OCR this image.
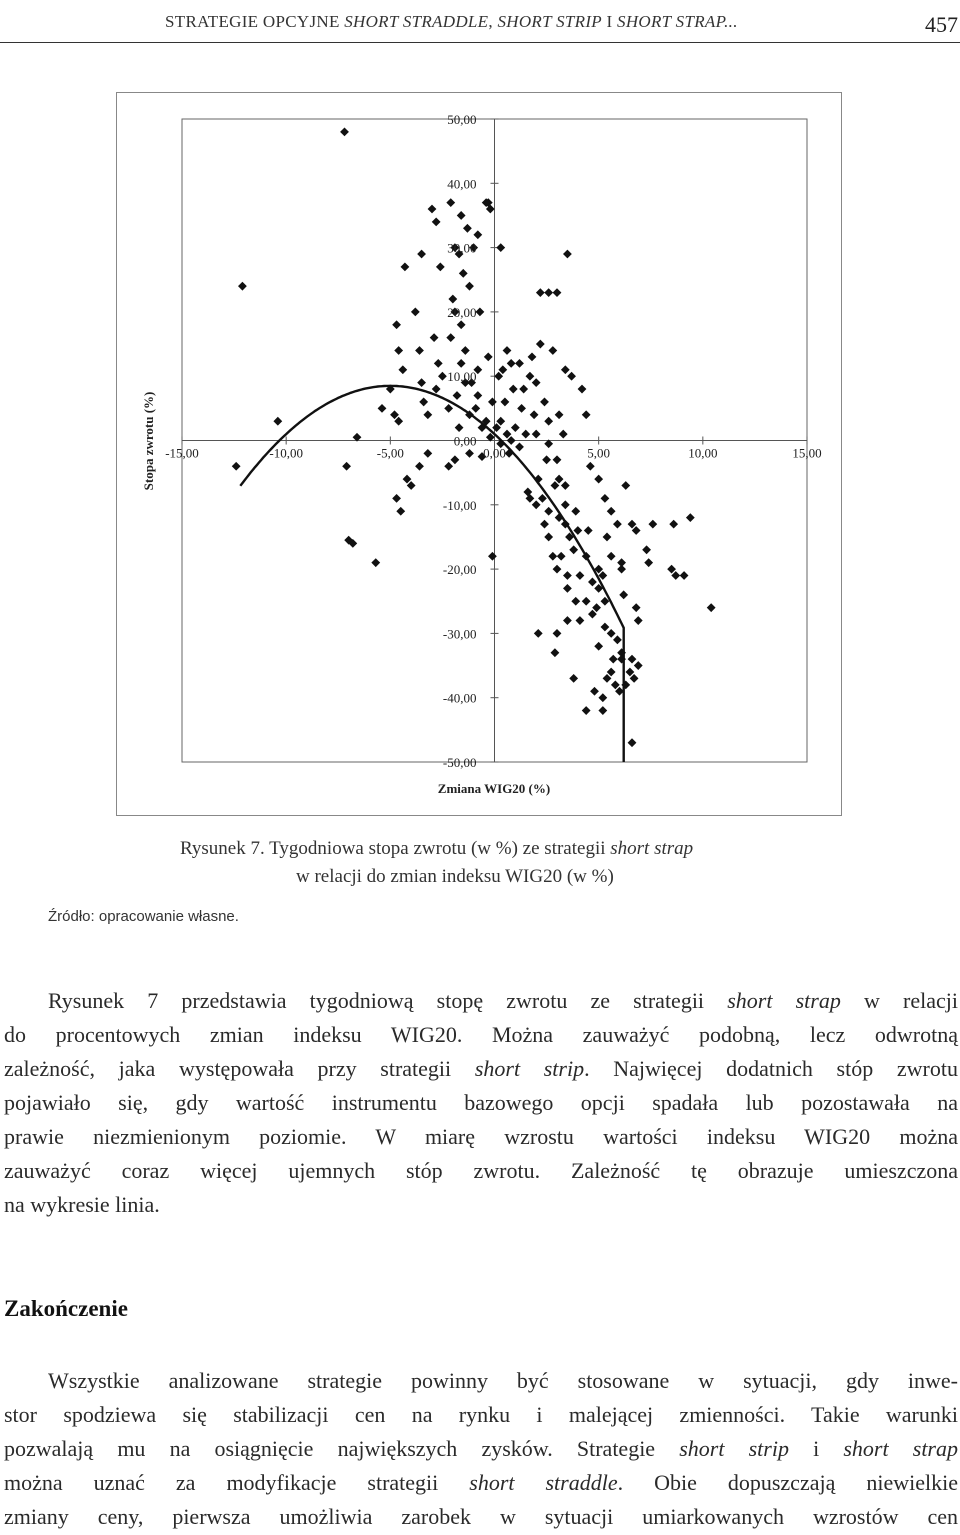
STRATEGIE OPCYJNE SHORT STRADDLE, SHORT STRIP I SHORT STRAP...	457
-15,00	-10,00	-5,00	0,00	5,00	10,00	15,00
50,00
40,00
30,00
20,00
10,00
0,00
-10,00
-20,00
-30,00
-40,00
-50,00
Zmiana WIG20 (%)
Stopa zwrotu (%)
Rysunek 7. Tygodniowa stopa zwrotu (w %) ze strategii short strap
w relacji do zmian indeksu WIG20 (w %)
Źródło: opracowanie własne.
Rysunek 7 przedstawia tygodniową stopę zwrotu ze strategii short strap w relacji
do procentowych zmian indeksu WIG20. Można zauważyć podobną, lecz odwrotną
zależność, jaka występowała przy strategii short strip. Najwięcej dodatnich stóp zwrotu
pojawiało się, gdy wartość instrumentu bazowego opcji spadała lub pozostawała na
prawie niezmienionym poziomie. W miarę wzrostu wartości indeksu WIG20 można
zauważyć coraz więcej ujemnych stóp zwrotu. Zależność tę obrazuje umieszczona
na wykresie linia.
Zakończenie
Wszystkie analizowane strategie powinny być stosowane w sytuacji, gdy inwe-
stor spodziewa się stabilizacji cen na rynku i malejącej zmienności. Takie warunki
pozwalają mu na osiągnięcie największych zysków. Strategie short strip i short strap
można uznać za modyfikacje strategii short straddle. Obie dopuszczają niewielkie
zmiany ceny, pierwsza umożliwia zarobek w sytuacji umiarkowanych wzrostów cen
